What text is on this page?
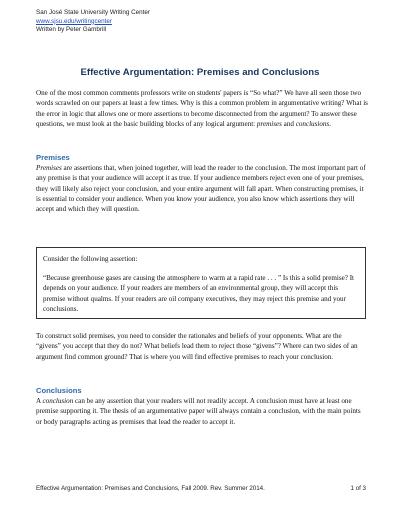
San José State University Writing Center
www.sjsu.edu/writingcenter
Written by Peter Gambrill
Effective Argumentation: Premises and Conclusions
One of the most common comments professors write on students' papers is “So what?” We have all seen those two words scrawled on our papers at least a few times. Why is this a common problem in argumentative writing? What is the error in logic that allows one or more assertions to become disconnected from the argument? To answer these questions, we must look at the basic building blocks of any logical argument: premises and conclusions.
Premises
Premises are assertions that, when joined together, will lead the reader to the conclusion. The most important part of any premise is that your audience will accept it as true. If your audience members reject even one of your premises, they will likely also reject your conclusion, and your entire argument will fall apart. When constructing premises, it is essential to consider your audience. When you know your audience, you also know which assertions they will accept and which they will question.
Consider the following assertion:
“Because greenhouse gases are causing the atmosphere to warm at a rapid rate . . . ” Is this a solid premise? It depends on your audience. If your readers are members of an environmental group, they will accept this premise without qualms. If your readers are oil company executives, they may reject this premise and your conclusions.
To construct solid premises, you need to consider the rationales and beliefs of your opponents. What are the “givens” you accept that they do not? What beliefs lead them to reject those “givens”? Where can two sides of an argument find common ground? That is where you will find effective premises to reach your conclusion.
Conclusions
A conclusion can be any assertion that your readers will not readily accept. A conclusion must have at least one premise supporting it. The thesis of an argumentative paper will always contain a conclusion, with the main points or body paragraphs acting as premises that lead the reader to accept it.
Effective Argumentation: Premises and Conclusions, Fall 2009. Rev. Summer 2014.	1 of 3
